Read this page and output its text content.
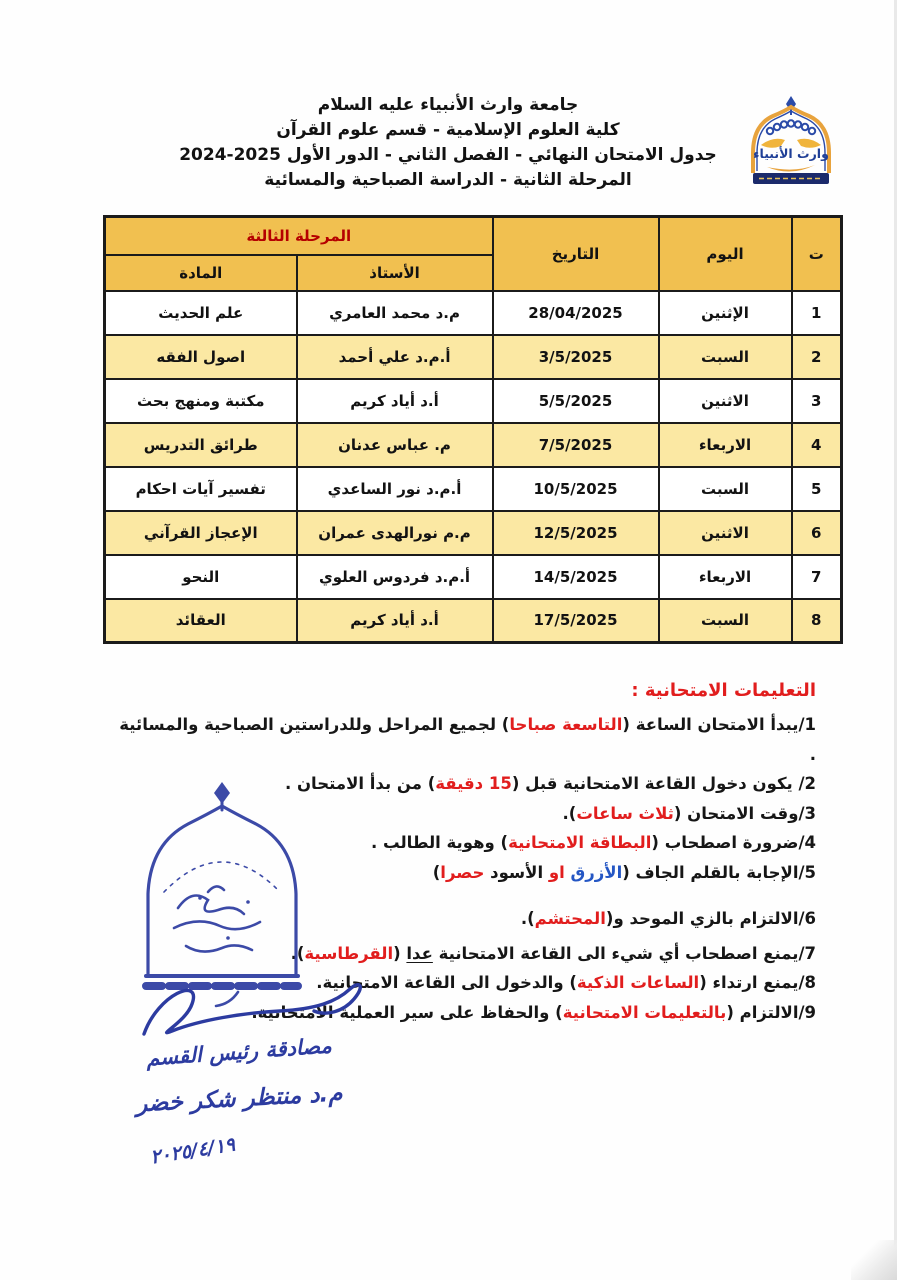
جامعة وارث الأنبياء عليه السلام
كلية العلوم الإسلامية - قسم علوم القرآن
جدول الامتحان النهائي - الفصل الثاني - الدور الأول 2025-2024
المرحلة الثانية - الدراسة الصباحية والمسائية
وارث الأنبياء
ت	اليوم	التاريخ	المرحلة الثالثة	
			الأستاذ	المادة
1	الإثنين	28/04/2025	م.د محمد العامري	علم الحديث
2	السبت	3/5/2025	أ.م.د علي أحمد	اصول الفقه
3	الاثنين	5/5/2025	أ.د أياد كريم	مكتبة ومنهج بحث
4	الاربعاء	7/5/2025	م. عباس عدنان	طرائق التدريس
5	السبت	10/5/2025	أ.م.د نور الساعدي	تفسير آيات احكام
6	الاثنين	12/5/2025	م.م نورالهدى عمران	الإعجاز القرآني
7	الاربعاء	14/5/2025	أ.م.د فردوس العلوي	النحو
8	السبت	17/5/2025	أ.د أياد كريم	العقائد
التعليمات الامتحانية :
1/يبدأ الامتحان الساعة (التاسعة صباحا) لجميع المراحل وللدراستين الصباحية والمسائية .
2/ يكون دخول القاعة الامتحانية قبل (15 دقيقة) من بدأ الامتحان .
3/وقت الامتحان (ثلاث ساعات).
4/ضرورة اصطحاب (البطاقة الامتحانية) وهوية الطالب .
5/الإجابة بالقلم الجاف (الأزرق او الأسود حصرا)
6/الالتزام بالزي الموحد و(المحتشم).
7/يمنع اصطحاب أي شيء الى القاعة الامتحانية عدا (القرطاسية).
8/يمنع ارتداء (الساعات الذكية) والدخول الى القاعة الامتحانية.
9/الالتزام (بالتعليمات الامتحانية) والحفاظ على سير العملية الامتحانية.
مصادقة رئيس القسم
م.د منتظر شكر خضر
٢٠٢٥/٤/١٩
